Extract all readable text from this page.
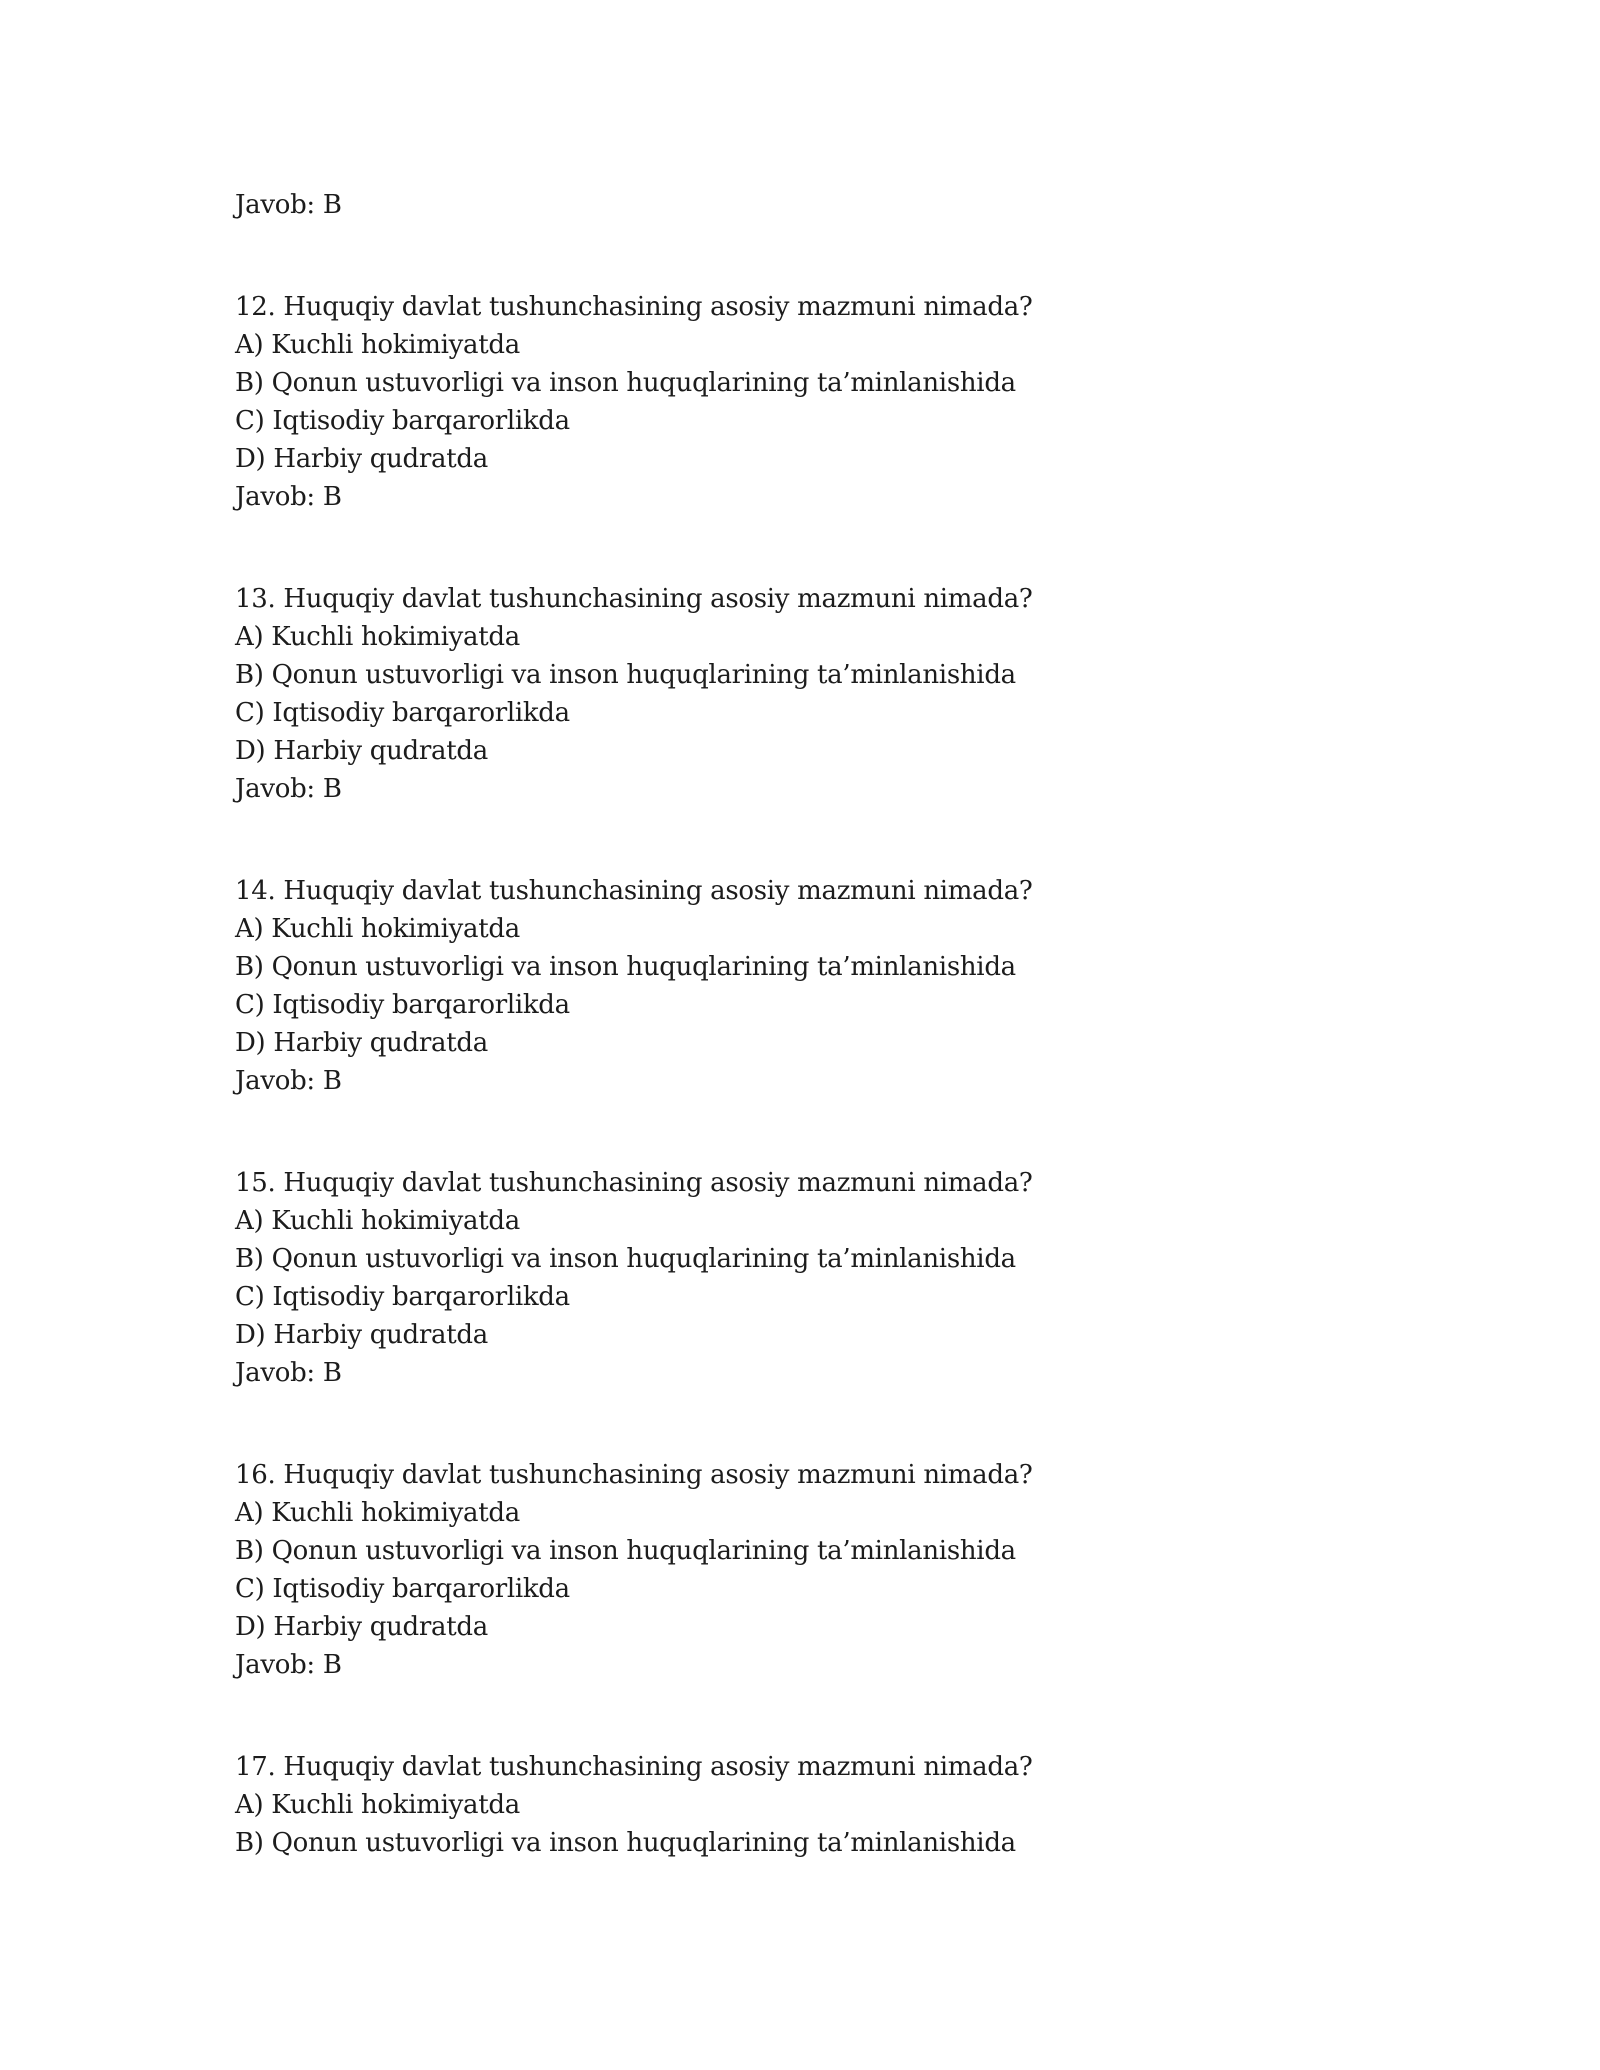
Javob: B
12. Huquqiy davlat tushunchasining asosiy mazmuni nimada?
A) Kuchli hokimiyatda
B) Qonun ustuvorligi va inson huquqlarining ta’minlanishida
C) Iqtisodiy barqarorlikda
D) Harbiy qudratda
Javob: B
13. Huquqiy davlat tushunchasining asosiy mazmuni nimada?
A) Kuchli hokimiyatda
B) Qonun ustuvorligi va inson huquqlarining ta’minlanishida
C) Iqtisodiy barqarorlikda
D) Harbiy qudratda
Javob: B
14. Huquqiy davlat tushunchasining asosiy mazmuni nimada?
A) Kuchli hokimiyatda
B) Qonun ustuvorligi va inson huquqlarining ta’minlanishida
C) Iqtisodiy barqarorlikda
D) Harbiy qudratda
Javob: B
15. Huquqiy davlat tushunchasining asosiy mazmuni nimada?
A) Kuchli hokimiyatda
B) Qonun ustuvorligi va inson huquqlarining ta’minlanishida
C) Iqtisodiy barqarorlikda
D) Harbiy qudratda
Javob: B
16. Huquqiy davlat tushunchasining asosiy mazmuni nimada?
A) Kuchli hokimiyatda
B) Qonun ustuvorligi va inson huquqlarining ta’minlanishida
C) Iqtisodiy barqarorlikda
D) Harbiy qudratda
Javob: B
17. Huquqiy davlat tushunchasining asosiy mazmuni nimada?
A) Kuchli hokimiyatda
B) Qonun ustuvorligi va inson huquqlarining ta’minlanishida
